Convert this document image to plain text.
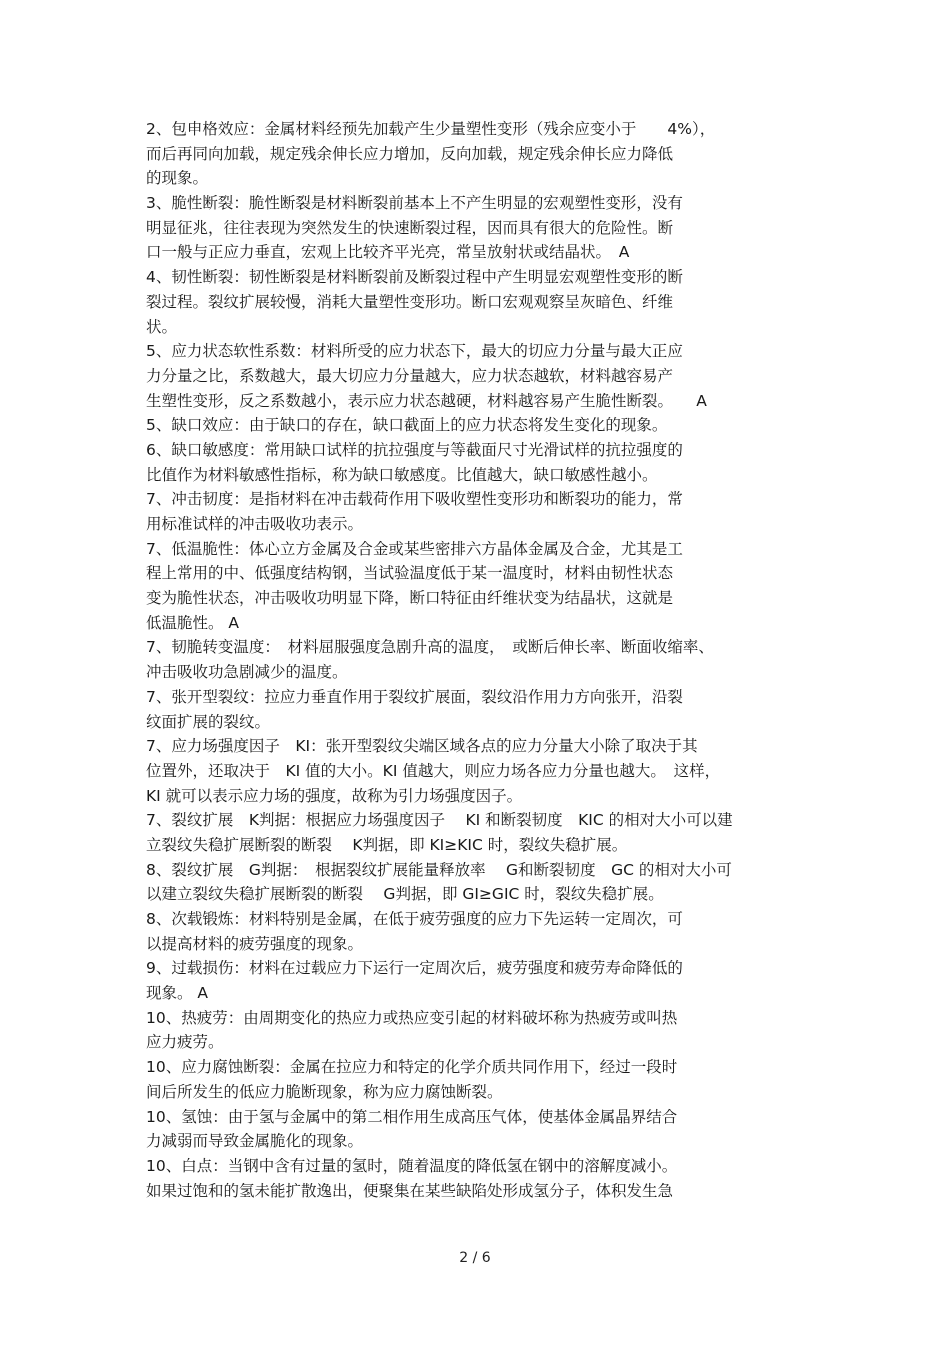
2、包申格效应：金属材料经预先加载产生少量塑性变形（残余应变小于　　4%），
而后再同向加载，规定残余伸长应力增加，反向加载，规定残余伸长应力降低
的现象。
3、脆性断裂：脆性断裂是材料断裂前基本上不产生明显的宏观塑性变形，没有
明显征兆，往往表现为突然发生的快速断裂过程，因而具有很大的危险性。断
口一般与正应力垂直，宏观上比较齐平光亮，常呈放射状或结晶状。　A
4、韧性断裂：韧性断裂是材料断裂前及断裂过程中产生明显宏观塑性变形的断
裂过程。裂纹扩展较慢，消耗大量塑性变形功。断口宏观观察呈灰暗色、纤维
状。
5、应力状态软性系数：材料所受的应力状态下，最大的切应力分量与最大正应
力分量之比，系数越大，最大切应力分量越大，应力状态越软，材料越容易产
生塑性变形，反之系数越小，表示应力状态越硬，材料越容易产生脆性断裂。　　A
5、缺口效应：由于缺口的存在，缺口截面上的应力状态将发生变化的现象。
6、缺口敏感度：常用缺口试样的抗拉强度与等截面尺寸光滑试样的抗拉强度的
比值作为材料敏感性指标，称为缺口敏感度。比值越大，缺口敏感性越小。
7、冲击韧度：是指材料在冲击载荷作用下吸收塑性变形功和断裂功的能力，常
用标准试样的冲击吸收功表示。
7、低温脆性：体心立方金属及合金或某些密排六方晶体金属及合金，尤其是工
程上常用的中、低强度结构钢，当试验温度低于某一温度时，材料由韧性状态
变为脆性状态，冲击吸收功明显下降，断口特征由纤维状变为结晶状，这就是
低温脆性。 A
7、韧脆转变温度：　材料屈服强度急剧升高的温度，　或断后伸长率、断面收缩率、
冲击吸收功急剧减少的温度。
7、张开型裂纹：拉应力垂直作用于裂纹扩展面，裂纹沿作用力方向张开，沿裂
纹面扩展的裂纹。
7、应力场强度因子　KI：张开型裂纹尖端区域各点的应力分量大小除了取决于其
位置外，还取决于　KI 值的大小。KI 值越大，则应力场各应力分量也越大。　这样，
KI 就可以表示应力场的强度，故称为引力场强度因子。
7、裂纹扩展　K判据：根据应力场强度因子　 KI 和断裂韧度　KIC 的相对大小可以建
立裂纹失稳扩展断裂的断裂　 K判据，即 KI≥KIC 时，裂纹失稳扩展。
8、裂纹扩展　G判据：　根据裂纹扩展能量释放率　 G和断裂韧度　GC 的相对大小可
以建立裂纹失稳扩展断裂的断裂　 G判据，即 GI≥GIC 时，裂纹失稳扩展。
8、次载锻炼：材料特别是金属，在低于疲劳强度的应力下先运转一定周次，可
以提高材料的疲劳强度的现象。
9、过载损伤：材料在过载应力下运行一定周次后，疲劳强度和疲劳寿命降低的
现象。 A
10、热疲劳：由周期变化的热应力或热应变引起的材料破坏称为热疲劳或叫热
应力疲劳。
10、应力腐蚀断裂：金属在拉应力和特定的化学介质共同作用下，经过一段时
间后所发生的低应力脆断现象，称为应力腐蚀断裂。
10、氢蚀：由于氢与金属中的第二相作用生成高压气体，使基体金属晶界结合
力减弱而导致金属脆化的现象。
10、白点：当钢中含有过量的氢时，随着温度的降低氢在钢中的溶解度减小。
如果过饱和的氢未能扩散逸出，便聚集在某些缺陷处形成氢分子，体积发生急
2 / 6
